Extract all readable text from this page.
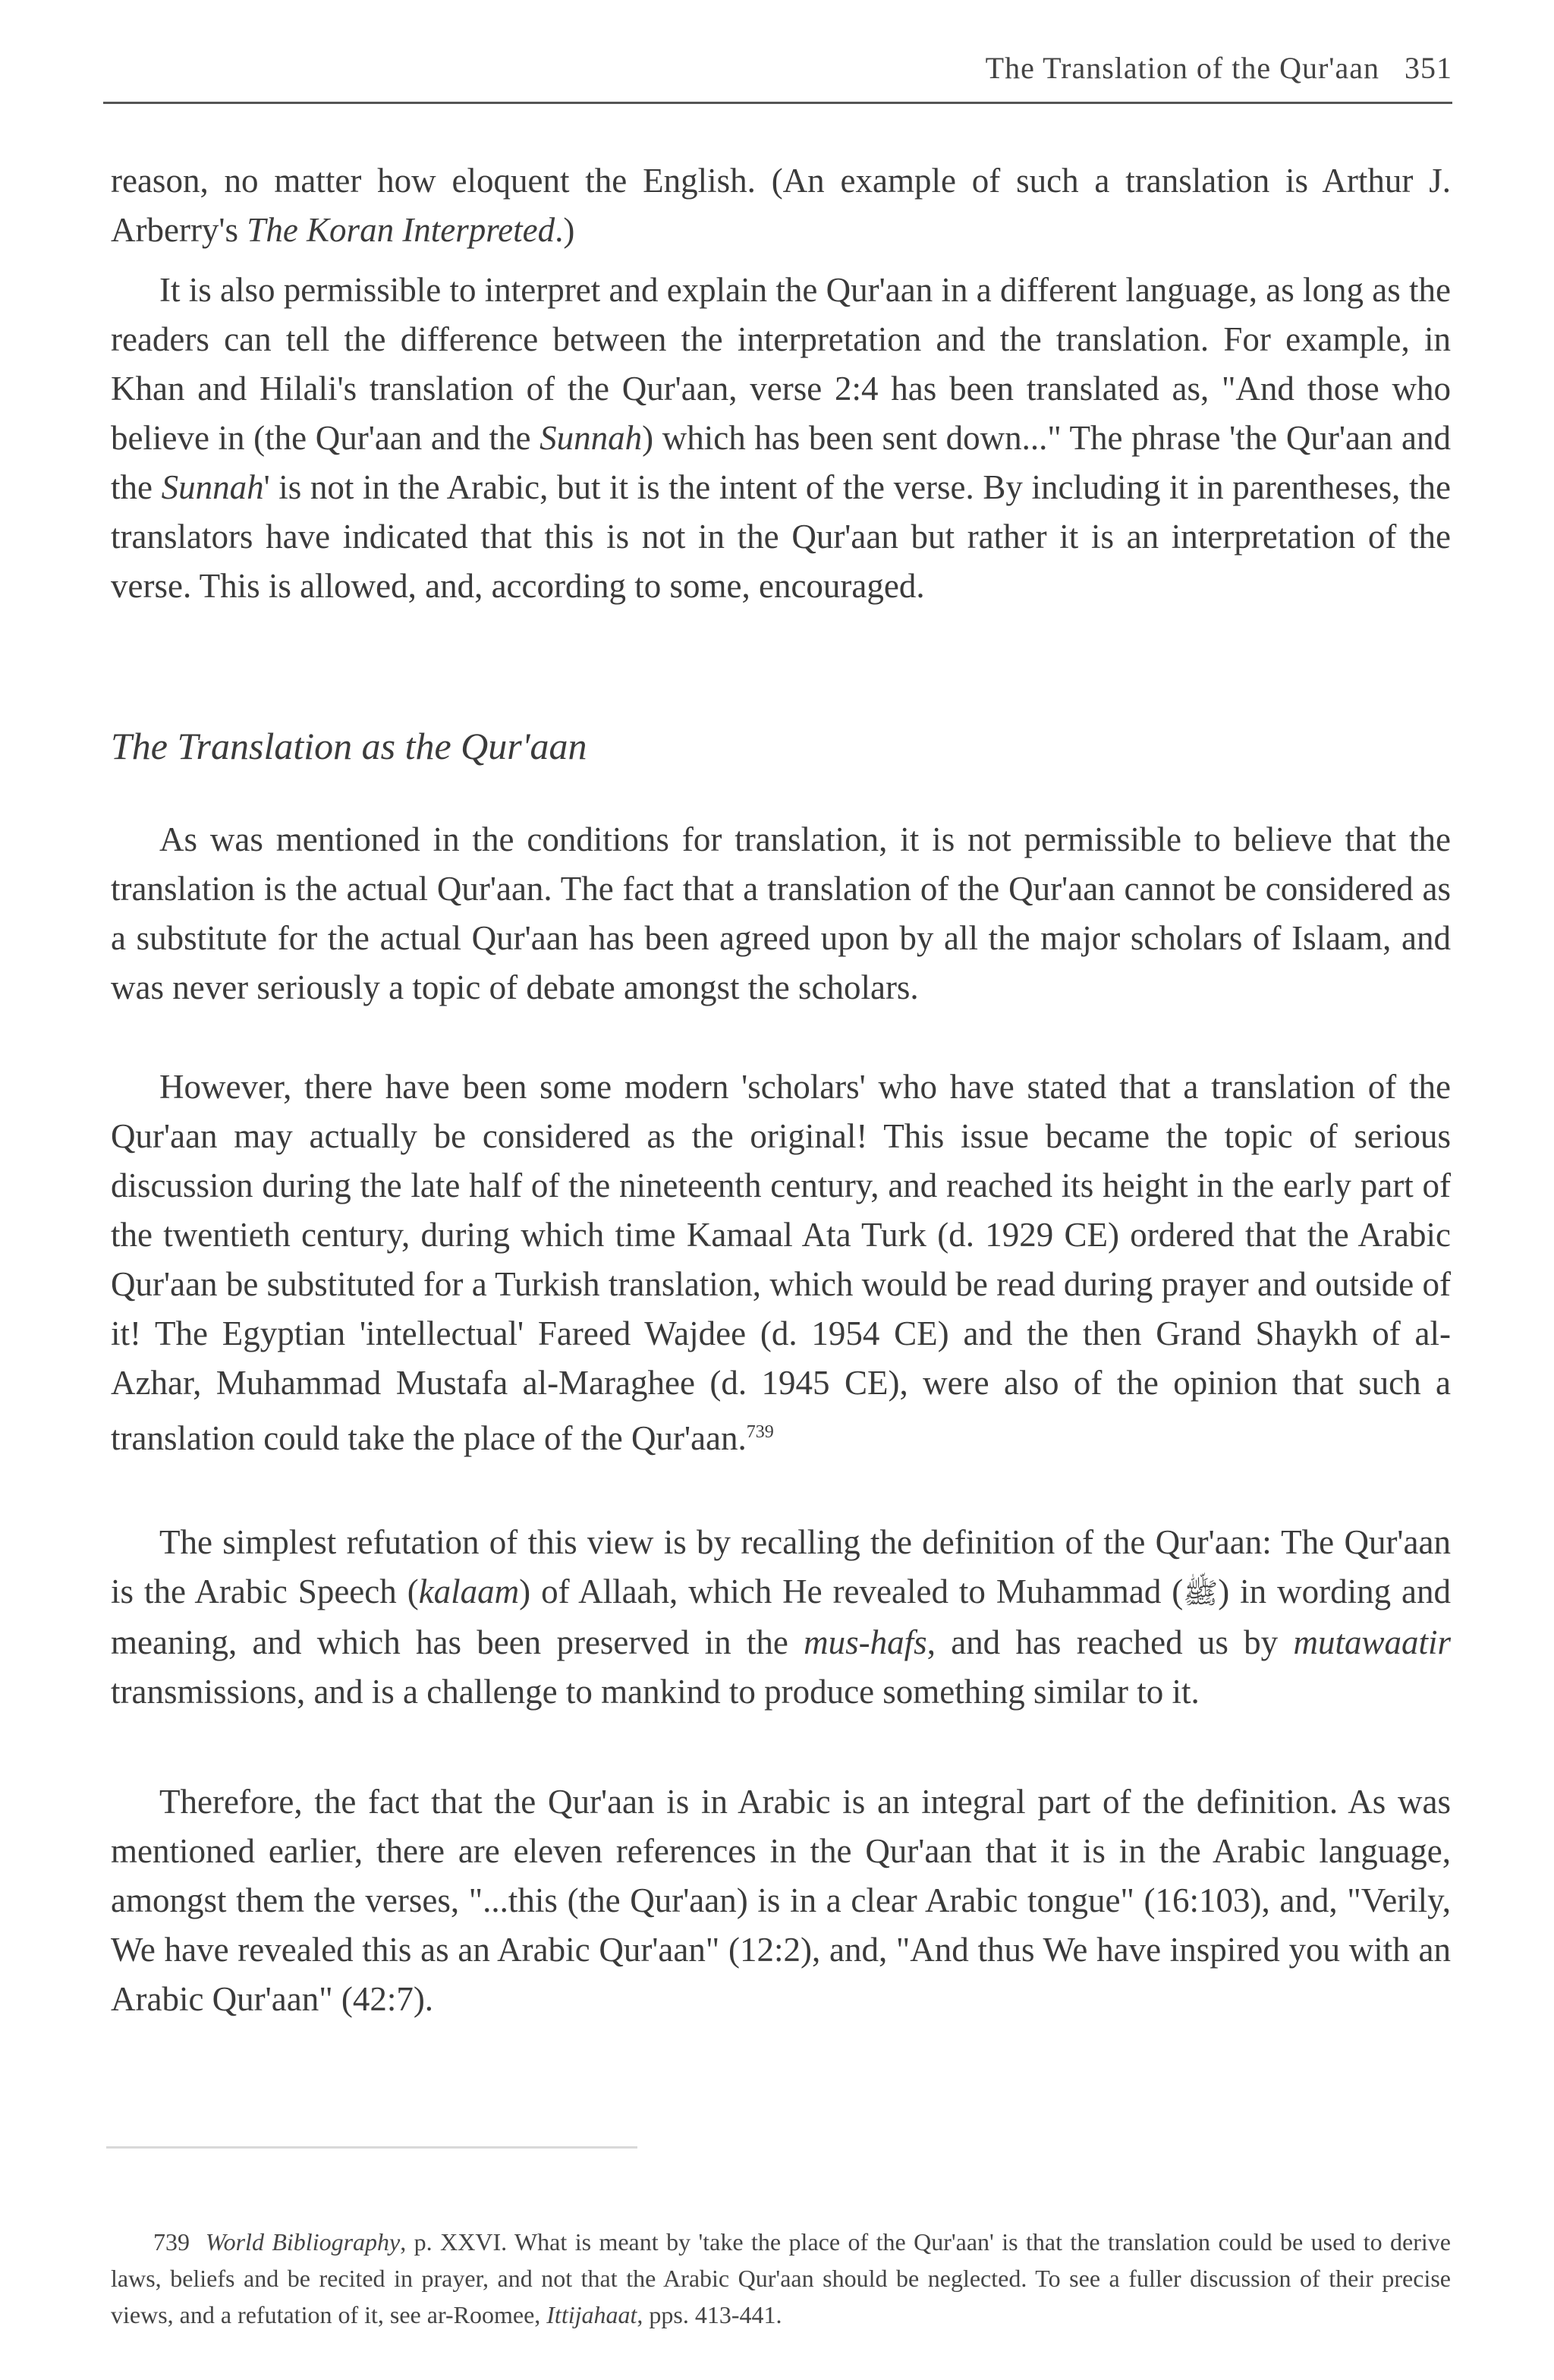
The Translation of the Qur'aan 351

reason, no matter how eloquent the English. (An example of such a translation is Arthur J. Arberry's The Koran Interpreted.)

It is also permissible to interpret and explain the Qur'aan in a different language, as long as the readers can tell the difference between the interpretation and the translation. For example, in Khan and Hilali's translation of the Qur'aan, verse 2:4 has been translated as, "And those who believe in (the Qur'aan and the Sunnah) which has been sent down..." The phrase 'the Qur'aan and the Sunnah' is not in the Arabic, but it is the intent of the verse. By including it in parentheses, the translators have indicated that this is not in the Qur'aan but rather it is an interpretation of the verse. This is allowed, and, according to some, encouraged.

The Translation as the Qur'aan

As was mentioned in the conditions for translation, it is not permissible to believe that the translation is the actual Qur'aan. The fact that a translation of the Qur'aan cannot be considered as a substitute for the actual Qur'aan has been agreed upon by all the major scholars of Islaam, and was never seriously a topic of debate amongst the scholars.

However, there have been some modern 'scholars' who have stated that a translation of the Qur'aan may actually be considered as the original! This issue became the topic of serious discussion during the late half of the nineteenth century, and reached its height in the early part of the twentieth century, during which time Kamaal Ata Turk (d. 1929 CE) ordered that the Arabic Qur'aan be substituted for a Turkish translation, which would be read during prayer and outside of it! The Egyptian 'intellectual' Fareed Wajdee (d. 1954 CE) and the then Grand Shaykh of al-Azhar, Muhammad Mustafa al-Maraghee (d. 1945 CE), were also of the opinion that such a translation could take the place of the Qur'aan.$^{739}$

The simplest refutation of this view is by recalling the definition of the Qur'aan: The Qur'aan is the Arabic Speech (kalaam) of Allaah, which He revealed to Muhammad (ﷺ) in wording and meaning, and which has been preserved in the mus-hafs, and has reached us by mutawaatir transmissions, and is a challenge to mankind to produce something similar to it.

Therefore, the fact that the Qur'aan is in Arabic is an integral part of the definition. As was mentioned earlier, there are eleven references in the Qur'aan that it is in the Arabic language, amongst them the verses, "...this (the Qur'aan) is in a clear Arabic tongue" (16:103), and, "Verily, We have revealed this as an Arabic Qur'aan" (12:2), and, "And thus We have inspired you with an Arabic Qur'aan" (42:7).

739 World Bibliography, p. XXVI. What is meant by 'take the place of the Qur'aan' is that the translation could be used to derive laws, beliefs and be recited in prayer, and not that the Arabic Qur'aan should be neglected. To see a fuller discussion of their precise views, and a refutation of it, see ar-Roomee, Ittijahaat, pps. 413-441.
